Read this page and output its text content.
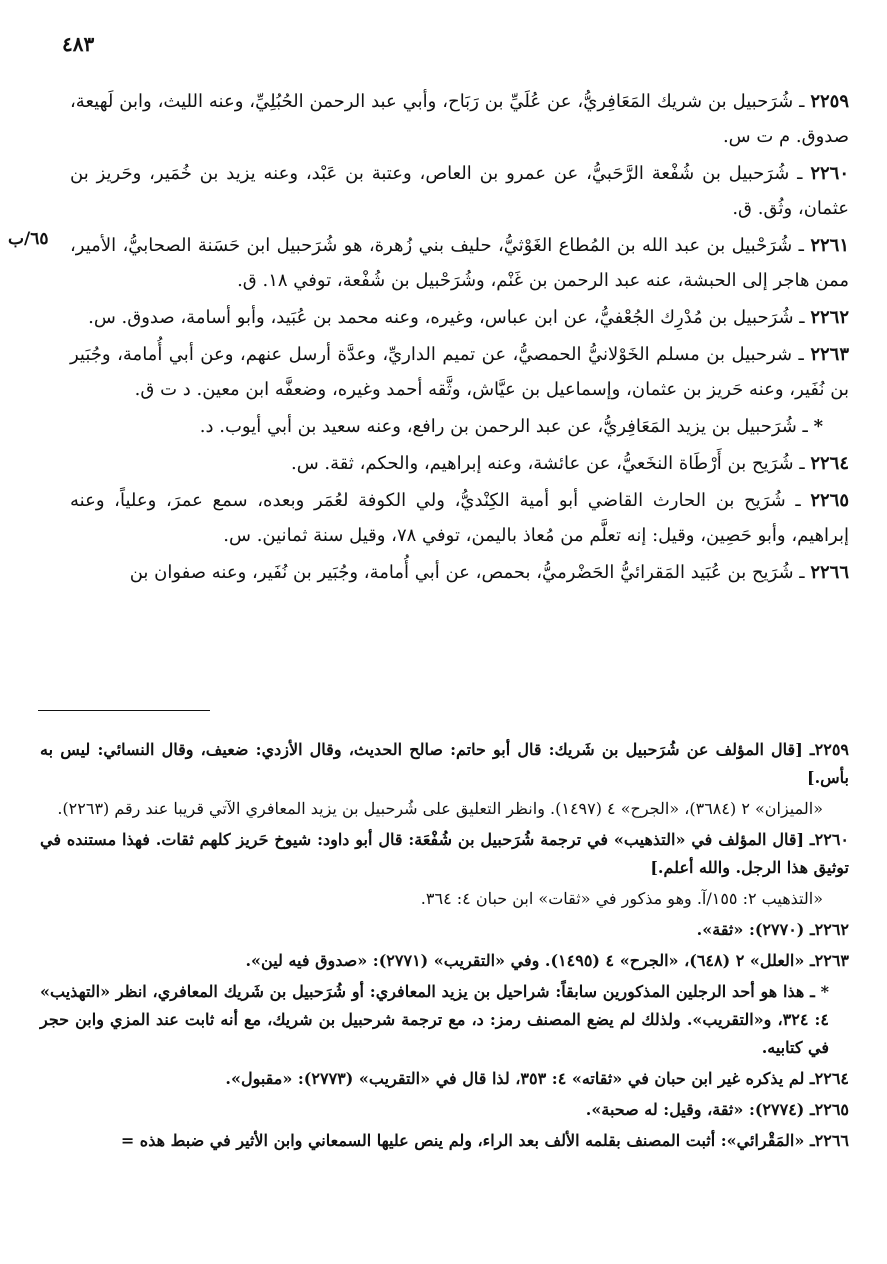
٤٨٣
٦٥/ب

٢٢٥٩ ـ شُرَحبيل بن شريك المَعَافِريُّ، عن عُلَيِّ بن رَبَاح، وأبي عبد الرحمن الحُبُلِيِّ، وعنه الليث، وابن لَهيعة، صدوق. م ت س.

٢٢٦٠ ـ شُرَحبيل بن شُفْعة الرَّحَبيُّ، عن عمرو بن العاص، وعتبة بن عَبْد، وعنه يزيد بن خُمَير، وحَريز بن عثمان، وثُق. ق.

٢٢٦١ ـ شُرَحْبيل بن عبد الله بن المُطاع الغَوْثيُّ، حليف بني زُهرة، هو شُرَحبيل ابن حَسَنة الصحابيُّ، الأمير، ممن هاجر إلى الحبشة، عنه عبد الرحمن بن غَنْم، وشُرَحْبيل بن شُفْعة، توفي ١٨. ق.

٢٢٦٢ ـ شُرَحبيل بن مُدْرِك الجُعْفيُّ، عن ابن عباس، وغيره، وعنه محمد بن عُبَيد، وأبو أسامة، صدوق. س.

٢٢٦٣ ـ شرحبيل بن مسلم الخَوْلانيُّ الحمصيُّ، عن تميم الداريِّ، وعدَّة أرسل عنهم، وعن أبي أُمامة، وجُبَير بن نُفَير، وعنه حَريز بن عثمان، وإسماعيل بن عيَّاش، وثَّقه أحمد وغيره، وضعفَّه ابن معين. د ت ق.

* ـ شُرَحبيل بن يزيد المَعَافِريُّ، عن عبد الرحمن بن رافع، وعنه سعيد بن أبي أيوب. د.

٢٢٦٤ ـ شُرَيح بن أَرْطَاة النخَعيُّ، عن عائشة، وعنه إبراهيم، والحكم، ثقة. س.

٢٢٦٥ ـ شُرَيح بن الحارث القاضي أبو أمية الكِنْديُّ، ولي الكوفة لعُمَر وبعده، سمع عمرَ، وعلياً، وعنه إبراهيم، وأبو حَصِين، وقيل: إنه تعلَّم من مُعاذ باليمن، توفي ٧٨، وقيل سنة ثمانين. س.

٢٢٦٦ ـ شُرَيح بن عُبَيد المَقرائيُّ الحَضْرميُّ، بحمص، عن أبي أُمامة، وجُبَير بن نُفَير، وعنه صفوان بن

٢٢٥٩ـ [قال المؤلف عن شُرَحبيل بن شَريك: قال أبو حاتم: صالح الحديث، وقال الأزدي: ضعيف، وقال النسائي: ليس به بأس.]

«الميزان» ٢ (٣٦٨٤)، «الجرح» ٤ (١٤٩٧). وانظر التعليق على شُرحبيل بن يزيد المعافري الآتي قريبا عند رقم (٢٢٦٣).

٢٢٦٠ـ [قال المؤلف في «التذهيب» في ترجمة شُرَحبيل بن شُفْعَة: قال أبو داود: شيوخ حَريز كلهم ثقات. فهذا مستنده في توثيق هذا الرجل. والله أعلم.]

«التذهيب ٢: ١٥٥/آ. وهو مذكور في «ثقات» ابن حبان ٤: ٣٦٤.

٢٢٦٢ـ (٢٧٧٠): «ثقة».

٢٢٦٣ـ «العلل» ٢ (٦٤٨)، «الجرح» ٤ (١٤٩٥). وفي «التقريب» (٢٧٧١): «صدوق فيه لين».

* ـ هذا هو أحد الرجلين المذكورين سابقاً: شراحيل بن يزيد المعافري: أو شُرَحبيل بن شَريك المعافري، انظر «التهذيب» ٤: ٣٢٤، و«التقريب». ولذلك لم يضع المصنف رمز: د، مع ترجمة شرحبيل بن شريك، مع أنه ثابت عند المزي وابن حجر في كتابيه.

٢٢٦٤ـ لم يذكره غير ابن حبان في «ثقاته» ٤: ٣٥٣، لذا قال في «التقريب» (٢٧٧٣): «مقبول».

٢٢٦٥ـ (٢٧٧٤): «ثقة، وقيل: له صحبة».

٢٢٦٦ـ «المَقْرائي»: أثبت المصنف بقلمه الألف بعد الراء، ولم ينص عليها السمعاني وابن الأثير في ضبط هذه =
